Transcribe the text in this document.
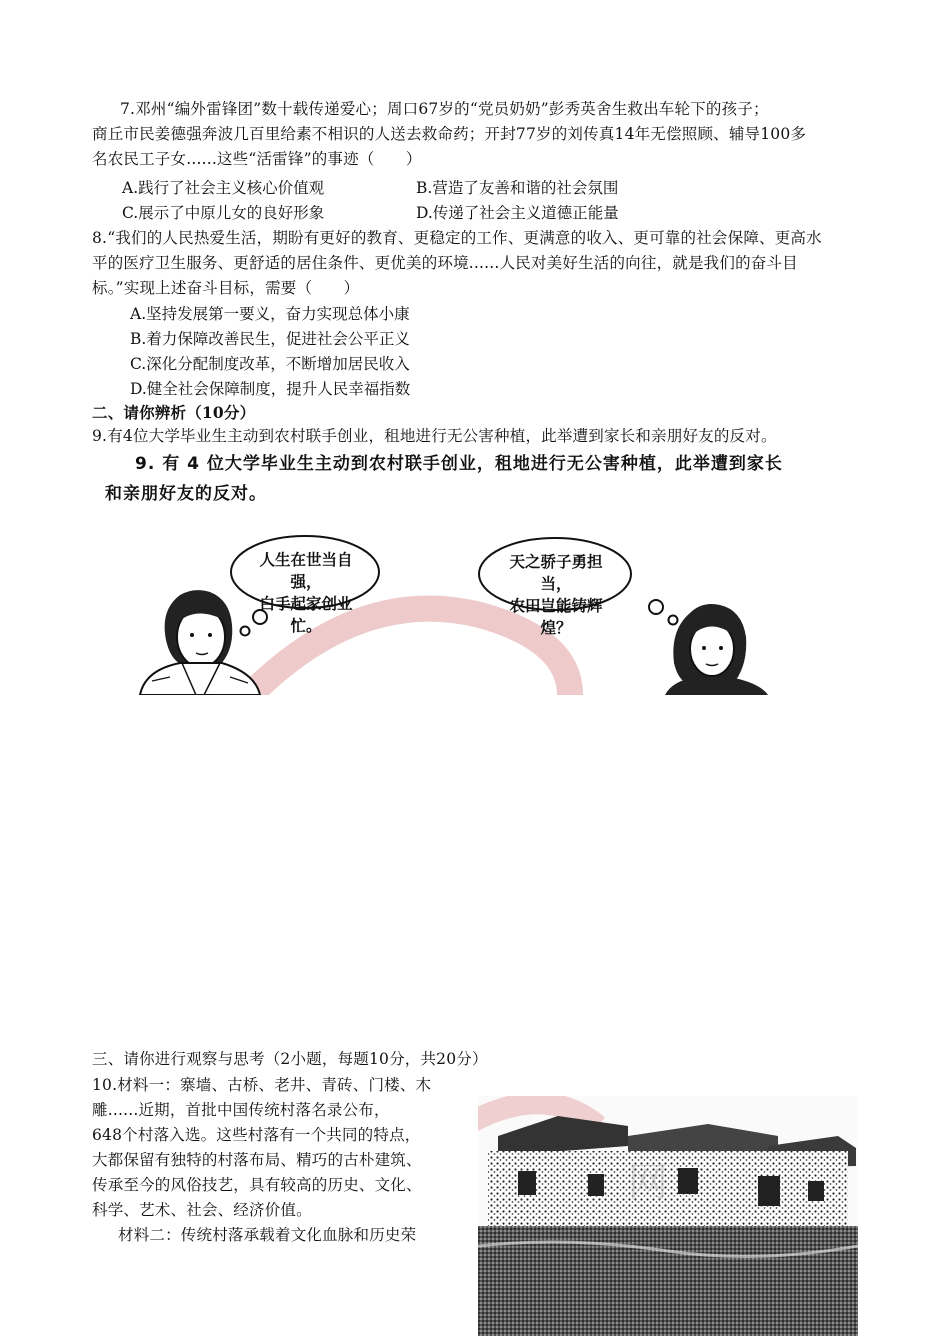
7.邓州“编外雷锋团”数十载传递爱心；周口67岁的“党员奶奶”彭秀英舍生救出车轮下的孩子；
商丘市民姜德强奔波几百里给素不相识的人送去救命药；开封77岁的刘传真14年无偿照顾、辅导100多
名农民工子女......这些“活雷锋”的事迹（　　）
A.践行了社会主义核心价值观	B.营造了友善和谐的社会氛围
C.展示了中原儿女的良好形象	D.传递了社会主义道德正能量
8.“我们的人民热爱生活，期盼有更好的教育、更稳定的工作、更满意的收入、更可靠的社会保障、更高水
平的医疗卫生服务、更舒适的居住条件、更优美的环境......人民对美好生活的向往，就是我们的奋斗目
标。”实现上述奋斗目标，需要（　　）
A.坚持发展第一要义，奋力实现总体小康
B.着力保障改善民生，促进社会公平正义
C.深化分配制度改革，不断增加居民收入
D.健全社会保障制度，提升人民幸福指数
二、请你辨析（10分）
9.有4位大学毕业生主动到农村联手创业，租地进行无公害种植，此举遭到家长和亲朋好友的反对。
9. 有 4 位大学毕业生主动到农村联手创业，租地进行无公害种植，此举遭到家长
和亲朋好友的反对。
人生在世当自强，
白手起家创业忙。
天之骄子勇担当，
农田岂能铸辉煌？
三、请你进行观察与思考（2小题，每题10分，共20分）
10.材料一：寨墙、古桥、老井、青砖、门楼、木
雕......近期，首批中国传统村落名录公布，
648个村落入选。这些村落有一个共同的特点，
大都保留有独特的村落布局、精巧的古朴建筑、
传承至今的风俗技艺，具有较高的历史、文化、
科学、艺术、社会、经济价值。
材料二：传统村落承载着文化血脉和历史荣
网
